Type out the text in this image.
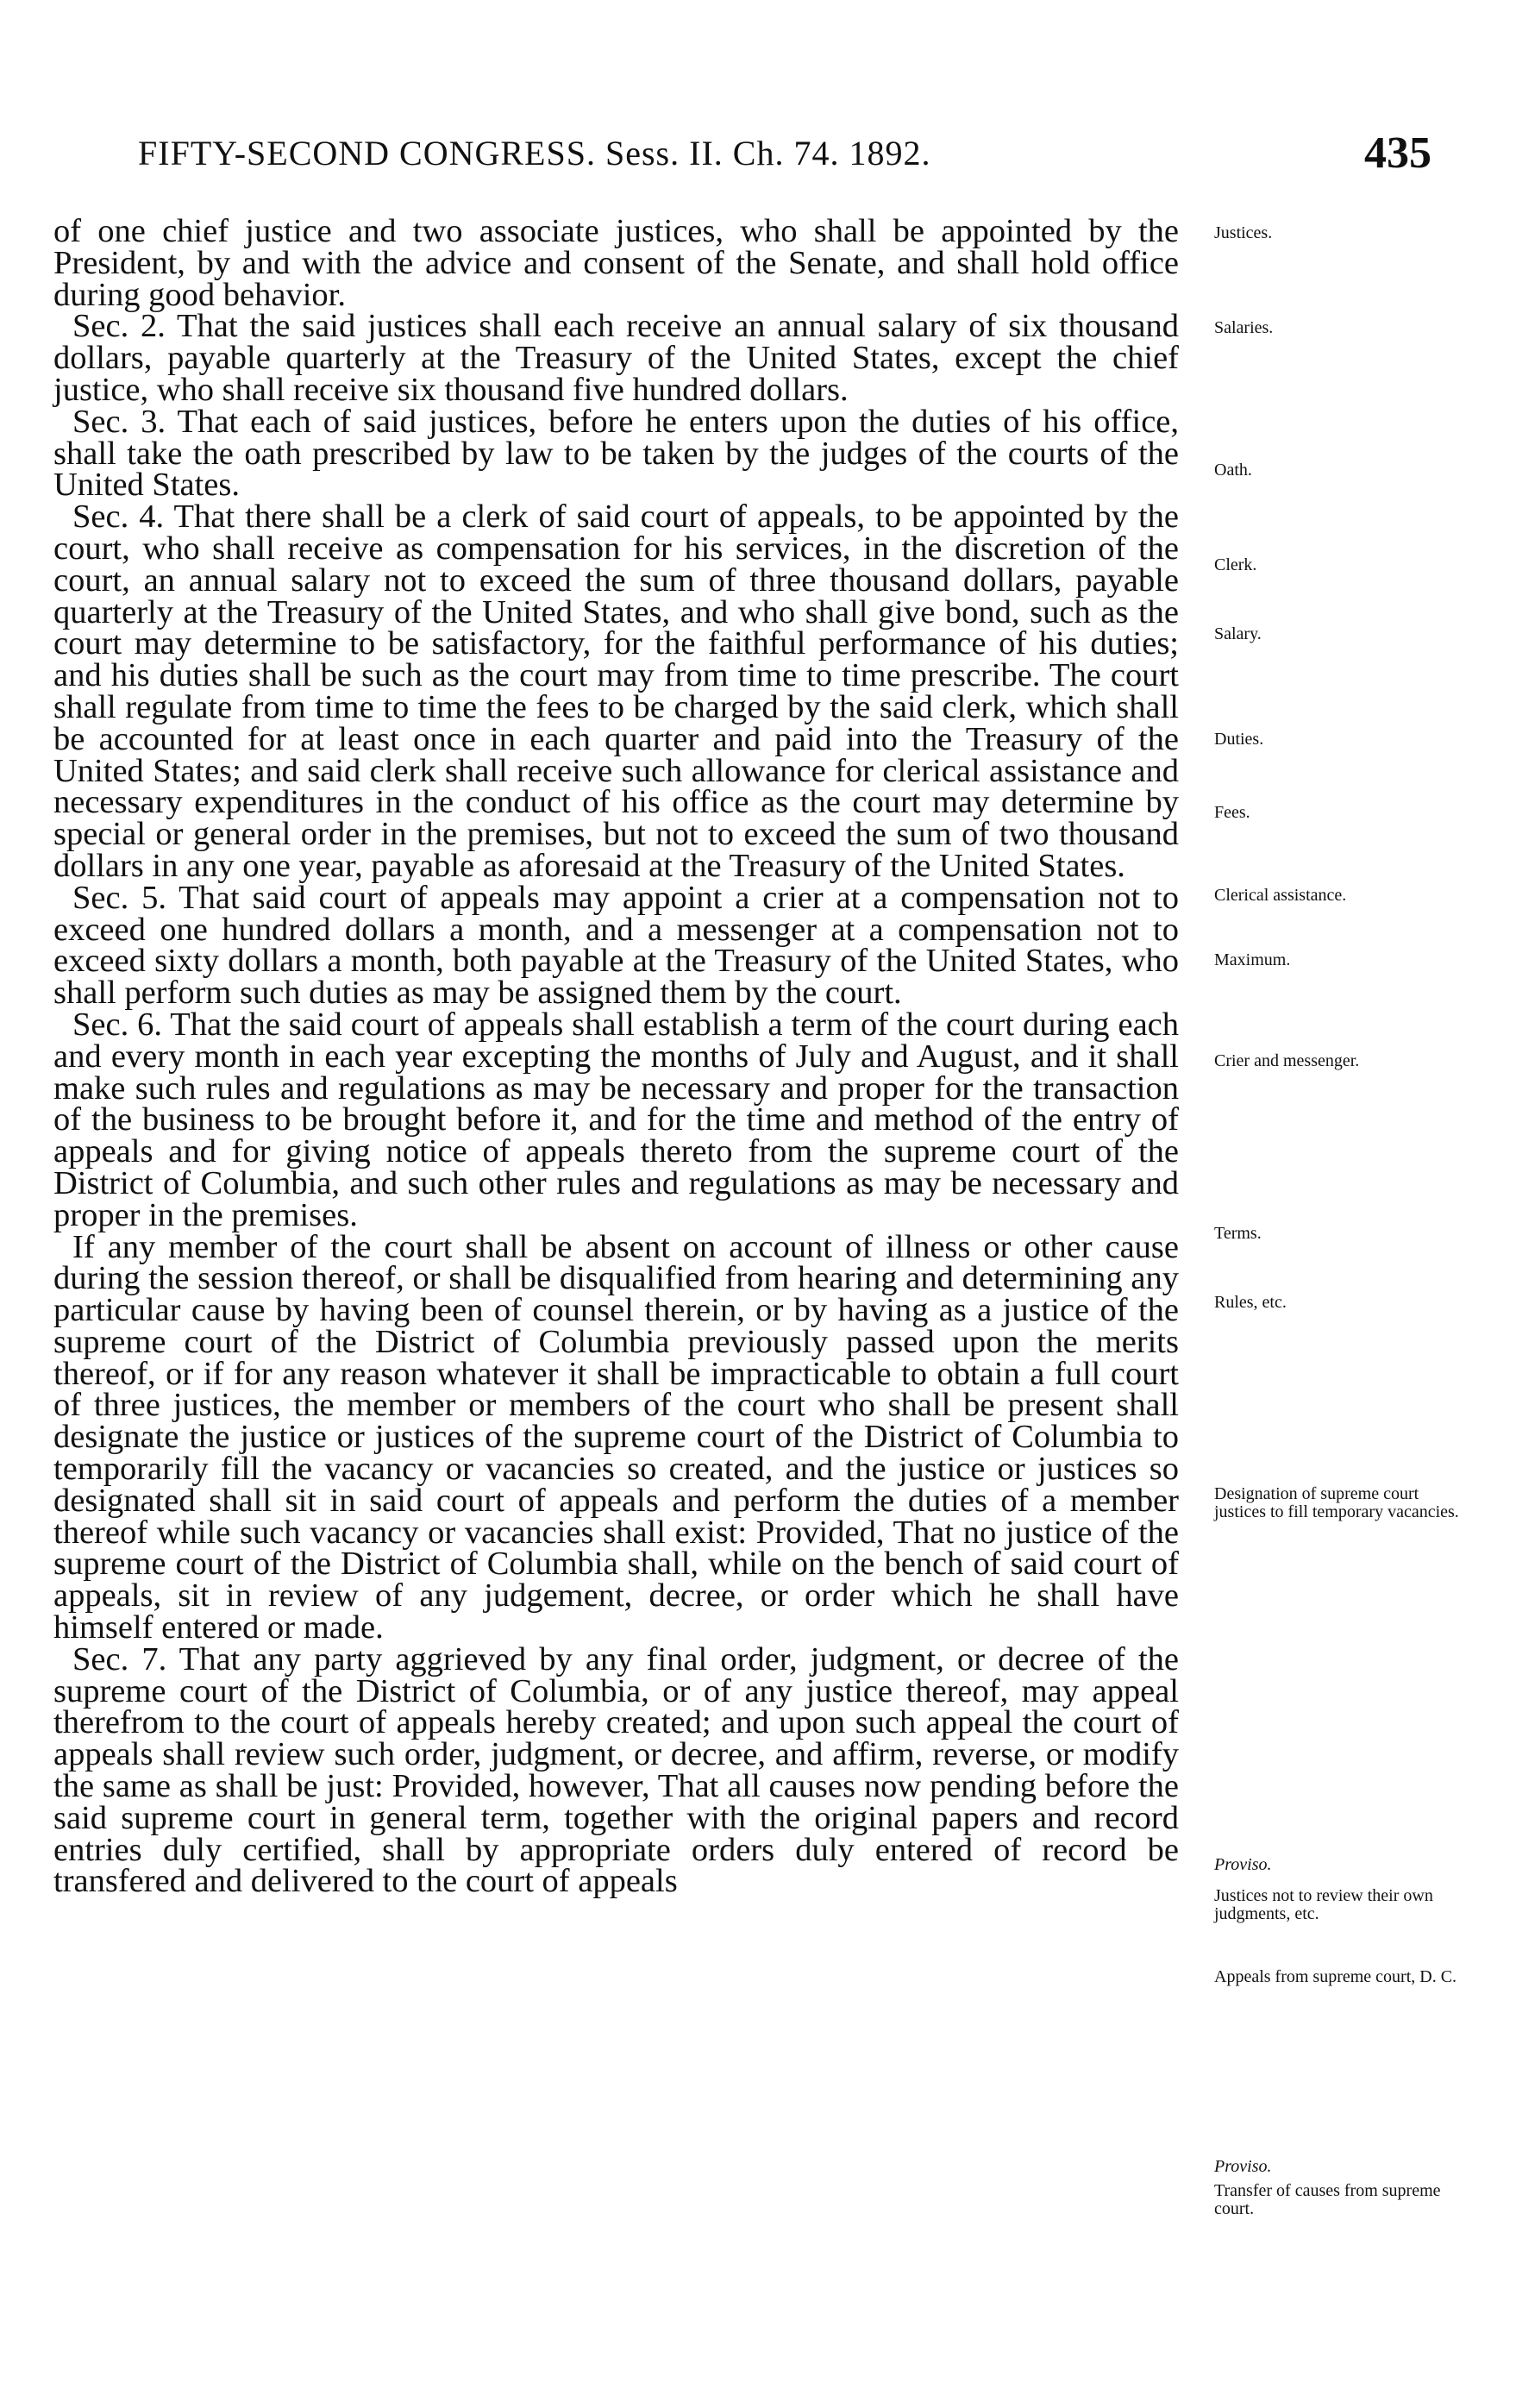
FIFTY-SECOND CONGRESS. Sess. II. Ch. 74. 1892.	435

of one chief justice and two associate justices, who shall be appointed by the President, by and with the advice and consent of the Senate, and shall hold office during good behavior.

Sec. 2. That the said justices shall each receive an annual salary of six thousand dollars, payable quarterly at the Treasury of the United States, except the chief justice, who shall receive six thousand five hundred dollars.

Sec. 3. That each of said justices, before he enters upon the duties of his office, shall take the oath prescribed by law to be taken by the judges of the courts of the United States.

Sec. 4. That there shall be a clerk of said court of appeals, to be appointed by the court, who shall receive as compensation for his services, in the discretion of the court, an annual salary not to exceed the sum of three thousand dollars, payable quarterly at the Treasury of the United States, and who shall give bond, such as the court may determine to be satisfactory, for the faithful performance of his duties; and his duties shall be such as the court may from time to time prescribe. The court shall regulate from time to time the fees to be charged by the said clerk, which shall be accounted for at least once in each quarter and paid into the Treasury of the United States; and said clerk shall receive such allowance for clerical assistance and necessary expenditures in the conduct of his office as the court may determine by special or general order in the premises, but not to exceed the sum of two thousand dollars in any one year, payable as aforesaid at the Treasury of the United States.

Sec. 5. That said court of appeals may appoint a crier at a compensation not to exceed one hundred dollars a month, and a messenger at a compensation not to exceed sixty dollars a month, both payable at the Treasury of the United States, who shall perform such duties as may be assigned them by the court.

Sec. 6. That the said court of appeals shall establish a term of the court during each and every month in each year excepting the months of July and August, and it shall make such rules and regulations as may be necessary and proper for the transaction of the business to be brought before it, and for the time and method of the entry of appeals and for giving notice of appeals thereto from the supreme court of the District of Columbia, and such other rules and regulations as may be necessary and proper in the premises.

If any member of the court shall be absent on account of illness or other cause during the session thereof, or shall be disqualified from hearing and determining any particular cause by having been of counsel therein, or by having as a justice of the supreme court of the District of Columbia previously passed upon the merits thereof, or if for any reason whatever it shall be impracticable to obtain a full court of three justices, the member or members of the court who shall be present shall designate the justice or justices of the supreme court of the District of Columbia to temporarily fill the vacancy or vacancies so created, and the justice or justices so designated shall sit in said court of appeals and perform the duties of a member thereof while such vacancy or vacancies shall exist: Provided, That no justice of the supreme court of the District of Columbia shall, while on the bench of said court of appeals, sit in review of any judgement, decree, or order which he shall have himself entered or made.

Sec. 7. That any party aggrieved by any final order, judgment, or decree of the supreme court of the District of Columbia, or of any justice thereof, may appeal therefrom to the court of appeals hereby created; and upon such appeal the court of appeals shall review such order, judgment, or decree, and affirm, reverse, or modify the same as shall be just: Provided, however, That all causes now pending before the said supreme court in general term, together with the original papers and record entries duly certified, shall by appropriate orders duly entered of record be transfered and delivered to the court of appeals

Justices.
Salaries.
Oath.
Clerk.
Salary.
Duties.
Fees.
Clerical assistance.
Maximum.
Crier and messenger.
Terms.
Rules, etc.
Designation of supreme court justices to fill temporary vacancies.
Proviso.
Justices not to review their own judgments, etc.
Appeals from supreme court, D. C.
Proviso.
Transfer of causes from supreme court.
